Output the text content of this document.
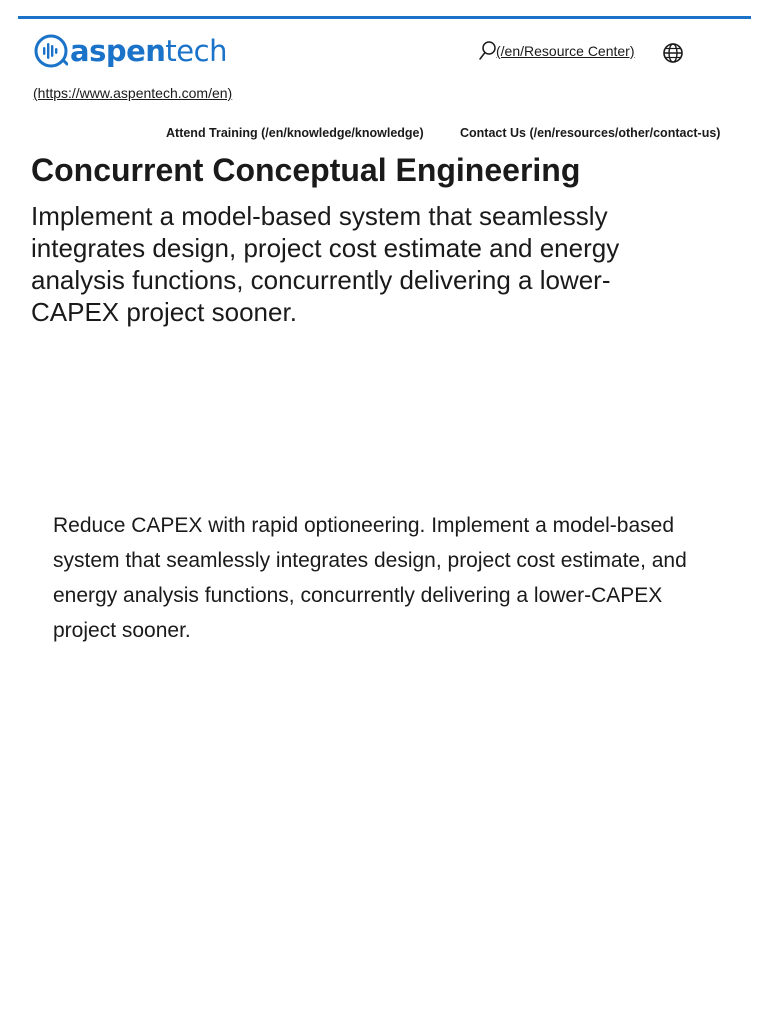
aspentech
(https://www.aspentech.com/en)
(/en/Resource Center)
Attend Training (/en/knowledge/knowledge)	Contact Us (/en/resources/other/contact-us)
Concurrent Conceptual Engineering

Implement a model-based system that seamlessly integrates design, project cost estimate and energy analysis functions, concurrently delivering a lower-CAPEX project sooner.

Reduce CAPEX with rapid optioneering. Implement a model-based system that seamlessly integrates design, project cost estimate, and energy analysis functions, concurrently delivering a lower-CAPEX project sooner.
